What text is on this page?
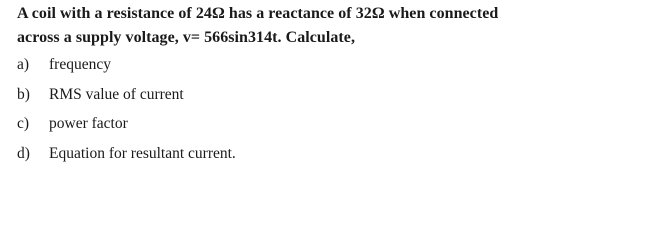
A coil with a resistance of 24Ω has a reactance of 32Ω when connected
across a supply voltage, v= 566sin314t. Calculate,
a)	frequency
b)	RMS value of current
c)	power factor
d)	Equation for resultant current.
